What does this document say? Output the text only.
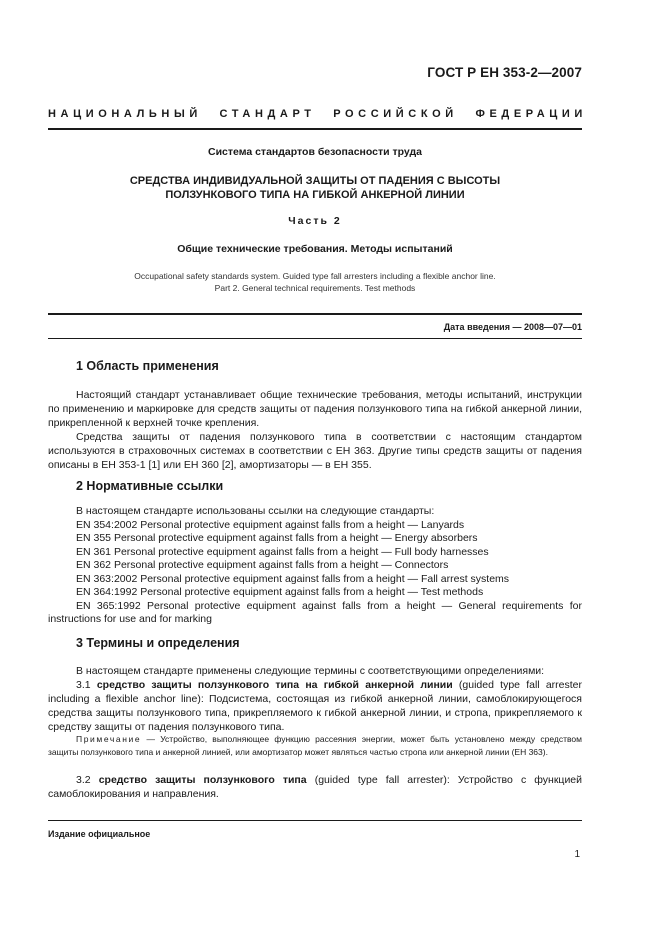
ГОСТ Р ЕН 353-2—2007
НАЦИОНАЛЬНЫЙ СТАНДАРТ РОССИЙСКОЙ ФЕДЕРАЦИИ
Система стандартов безопасности труда
СРЕДСТВА ИНДИВИДУАЛЬНОЙ ЗАЩИТЫ ОТ ПАДЕНИЯ С ВЫСОТЫ
ПОЛЗУНКОВОГО ТИПА НА ГИБКОЙ АНКЕРНОЙ ЛИНИИ
Часть 2
Общие технические требования. Методы испытаний
Occupational safety standards system. Guided type fall arresters including a flexible anchor line.
Part 2. General technical requirements. Test methods
Дата введения — 2008—07—01
1 Область применения
Настоящий стандарт устанавливает общие технические требования, методы испытаний, инструкции по применению и маркировке для средств защиты от падения ползункового типа на гибкой анкерной линии, прикрепленной к верхней точке крепления.
Средства защиты от падения ползункового типа в соответствии с настоящим стандартом используются в страховочных системах в соответствии с ЕН 363. Другие типы средств защиты от падения описаны в ЕН 353-1 [1] или ЕН 360 [2], амортизаторы — в ЕН 355.
2 Нормативные ссылки
В настоящем стандарте использованы ссылки на следующие стандарты:
EN 354:2002 Personal protective equipment against falls from a height — Lanyards
EN 355 Personal protective equipment against falls from a height — Energy absorbers
EN 361 Personal protective equipment against falls from a height — Full body harnesses
EN 362 Personal protective equipment against falls from a height — Connectors
EN 363:2002 Personal protective equipment against falls from a height — Fall arrest systems
EN 364:1992 Personal protective equipment against falls from a height — Test methods
EN 365:1992 Personal protective equipment against falls from a height — General requirements for instructions for use and for marking
3 Термины и определения
В настоящем стандарте применены следующие термины с соответствующими определениями:
3.1 средство защиты ползункового типа на гибкой анкерной линии (guided type fall arrester including a flexible anchor line): Подсистема, состоящая из гибкой анкерной линии, самоблокирующегося средства защиты ползункового типа, прикрепляемого к гибкой анкерной линии, и стропа, прикрепляемого к средству защиты от падения ползункового типа.
Примечание — Устройство, выполняющее функцию рассеяния энергии, может быть установлено между средством защиты ползункового типа и анкерной линией, или амортизатор может являться частью стропа или анкерной линии (ЕН 363).
3.2 средство защиты ползункового типа (guided type fall arrester): Устройство с функцией самоблокирования и направления.
Издание официальное
1
